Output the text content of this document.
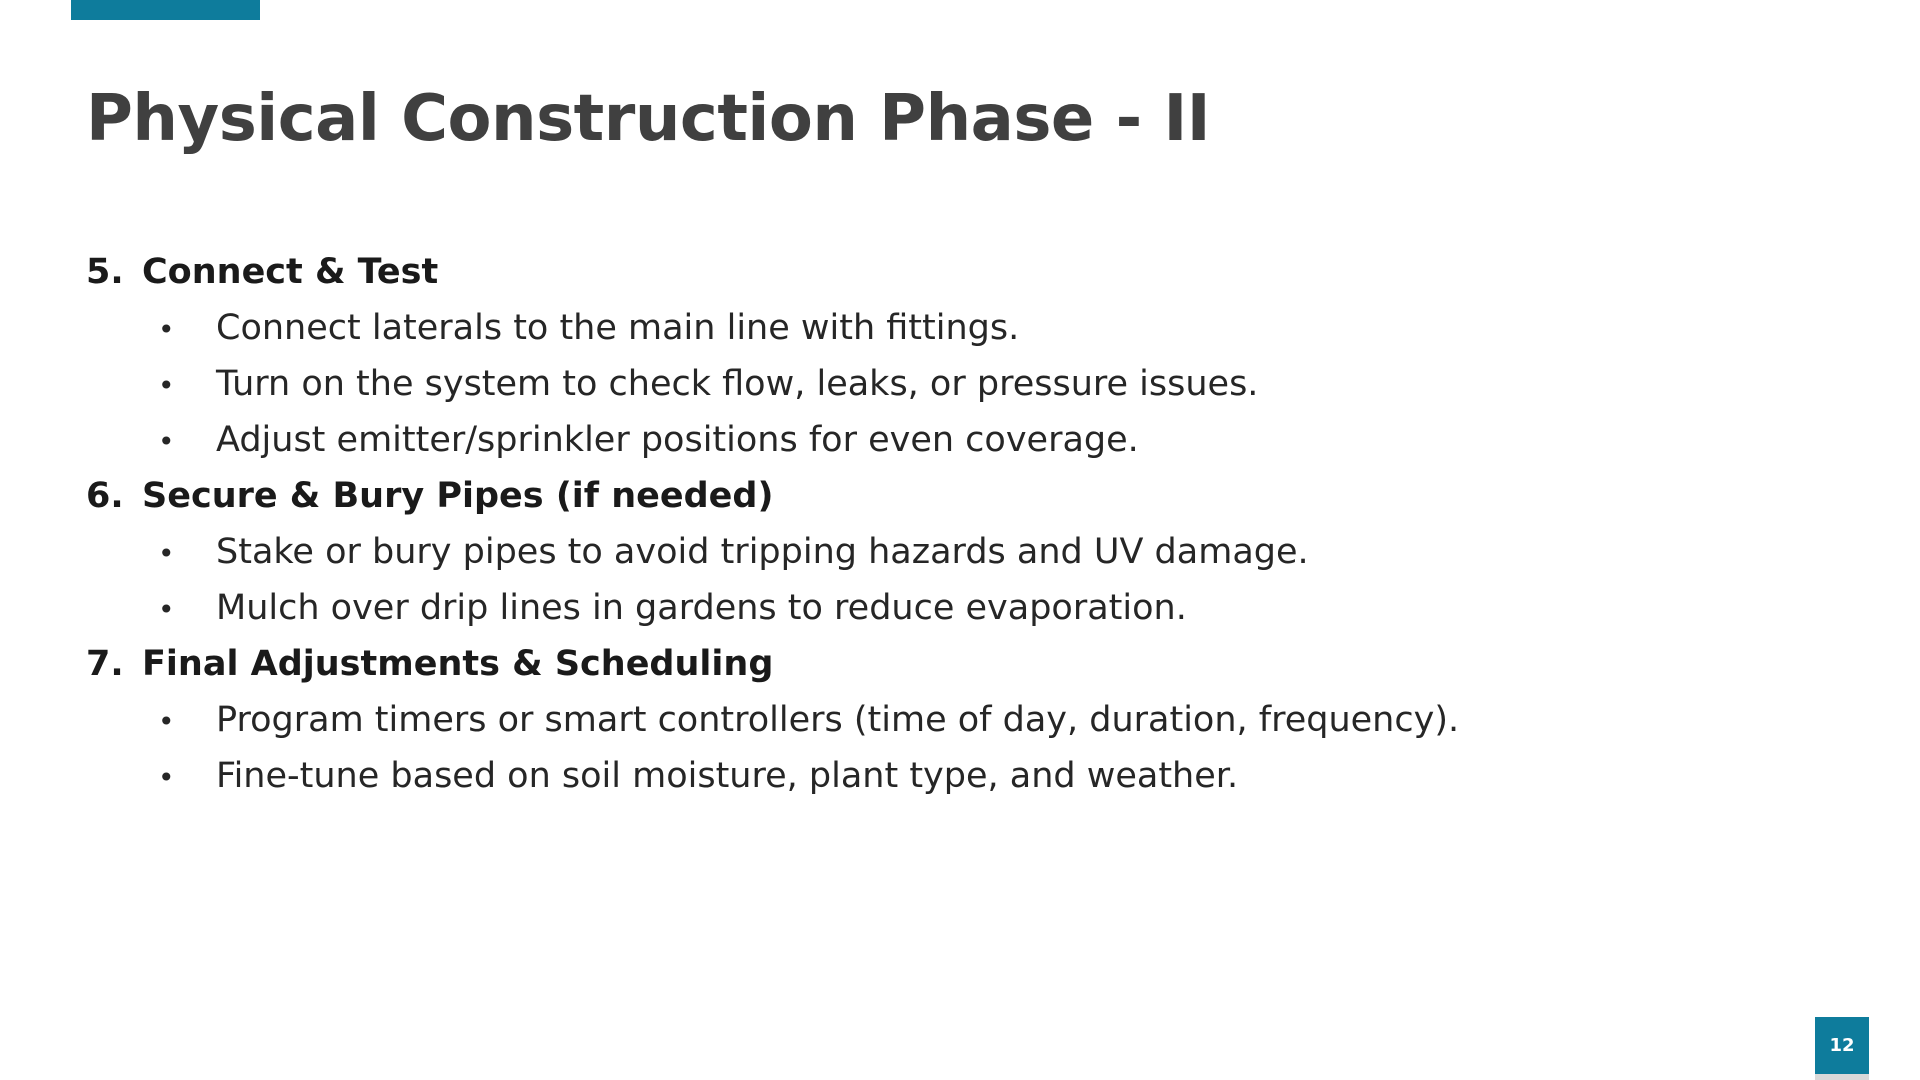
Physical Construction Phase - II
5. Connect & Test
•	Connect laterals to the main line with fittings.
•	Turn on the system to check flow, leaks, or pressure issues.
•	Adjust emitter/sprinkler positions for even coverage.
6. Secure & Bury Pipes (if needed)
•	Stake or bury pipes to avoid tripping hazards and UV damage.
•	Mulch over drip lines in gardens to reduce evaporation.
7. Final Adjustments & Scheduling
•	Program timers or smart controllers (time of day, duration, frequency).
•	Fine-tune based on soil moisture, plant type, and weather.
12
